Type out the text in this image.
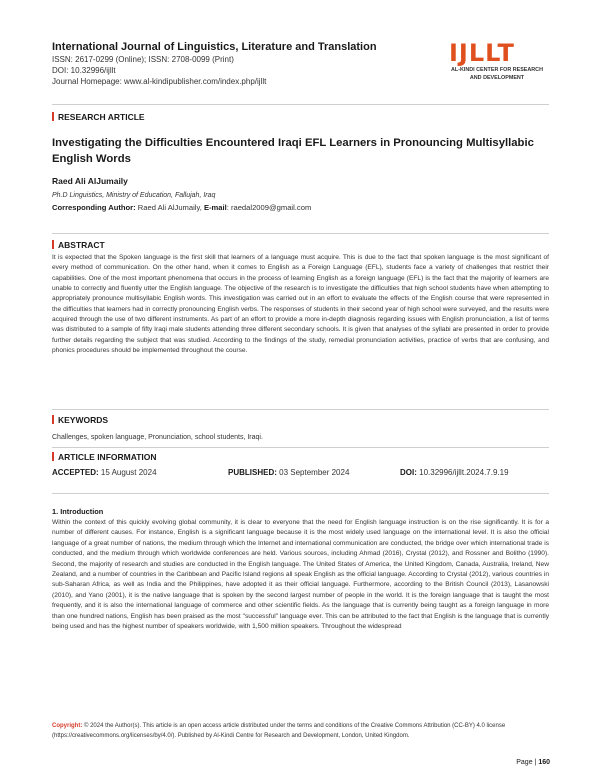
International Journal of Linguistics, Literature and Translation
ISSN: 2617-0299 (Online); ISSN: 2708-0099 (Print)
DOI: 10.32996/ijllt
Journal Homepage: www.al-kindipublisher.com/index.php/ijllt
IJLLT
AL-KINDI CENTER FOR RESEARCH AND DEVELOPMENT
RESEARCH ARTICLE
Investigating the Difficulties Encountered Iraqi EFL Learners in Pronouncing Multisyllabic English Words
Raed Ali AlJumaily
Ph.D Linguistics, Ministry of Education, Fallujah, Iraq
Corresponding Author: Raed Ali AlJumaily, E-mail: raedal2009@gmail.com
ABSTRACT
It is expected that the Spoken language is the first skill that learners of a language must acquire. This is due to the fact that spoken language is the most significant of every method of communication. On the other hand, when it comes to English as a Foreign Language (EFL), students face a variety of challenges that restrict their capabilities. One of the most important phenomena that occurs in the process of learning English as a foreign language (EFL) is the fact that the majority of learners are unable to correctly and fluently utter the English language. The objective of the research is to investigate the difficulties that high school students have when attempting to appropriately pronounce multisyllabic English words. This investigation was carried out in an effort to evaluate the effects of the English course that were represented in the difficulties that learners had in correctly pronouncing English verbs. The responses of students in their second year of high school were surveyed, and the results were acquired through the use of two different instruments. As part of an effort to provide a more in-depth diagnosis regarding issues with English pronunciation, a list of terms was distributed to a sample of fifty Iraqi male students attending three different secondary schools. It is given that analyses of the syllabi are presented in order to provide further details regarding the subject that was studied. According to the findings of the study, remedial pronunciation activities, practice of verbs that are confusing, and phonics procedures should be implemented throughout the course.
KEYWORDS
Challenges, spoken language, Pronunciation, school students, Iraqi.
ARTICLE INFORMATION
ACCEPTED: 15 August 2024	PUBLISHED: 03 September 2024	DOI: 10.32996/ijllt.2024.7.9.19
1. Introduction
Within the context of this quickly evolving global community, it is clear to everyone that the need for English language instruction is on the rise significantly. It is for a number of different causes. For instance, English is a significant language because it is the most widely used language on the international level. It is also the official language of a great number of nations, the medium through which the Internet and international communication are conducted, the bridge over which international trade is conducted, and the medium through which worldwide conferences are held. Various sources, including Ahmad (2016), Crystal (2012), and Rossner and Bolitho (1990). Second, the majority of research and studies are conducted in the English language. The United States of America, the United Kingdom, Canada, Australia, Ireland, New Zealand, and a number of countries in the Caribbean and Pacific Island regions all speak English as the official language. According to Crystal (2012), various countries in sub-Saharan Africa, as well as India and the Philippines, have adopted it as their official language. Furthermore, according to the British Council (2013), Lasanowski (2010), and Yano (2001), it is the native language that is spoken by the second largest number of people in the world. It is the foreign language that is taught the most frequently, and it is also the international language of commerce and other scientific fields. As the language that is currently being taught as a foreign language in more than one hundred nations, English has been praised as the most "successful" language ever. This can be attributed to the fact that English is the language that is currently being used and has the highest number of speakers worldwide, with 1,500 million speakers. Throughout the widespread
Copyright: © 2024 the Author(s). This article is an open access article distributed under the terms and conditions of the Creative Commons Attribution (CC-BY) 4.0 license (https://creativecommons.org/licenses/by/4.0/). Published by Al-Kindi Centre for Research and Development, London, United Kingdom.
Page | 160
